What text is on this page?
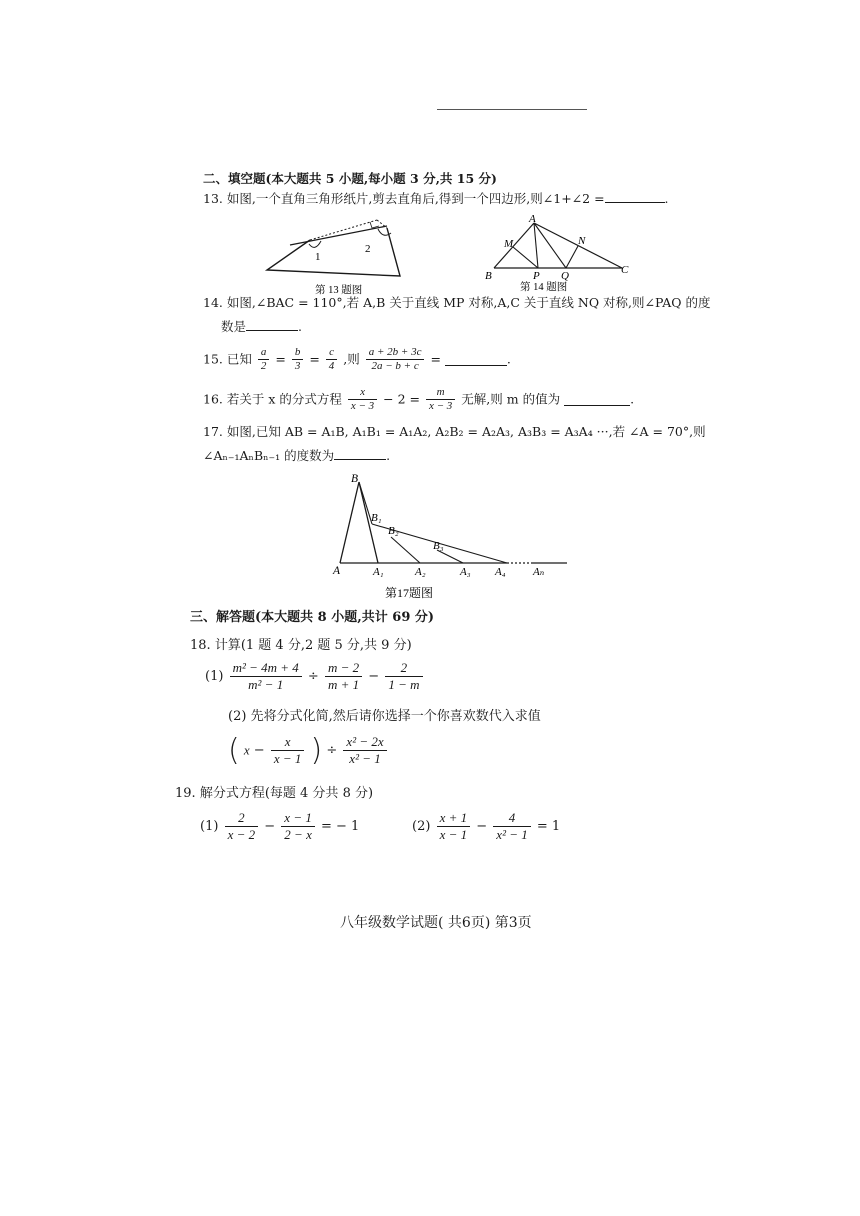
二、填空题(本大题共 5 小题,每小题 3 分,共 15 分)
13. 如图,一个直角三角形纸片,剪去直角后,得到一个四边形,则∠1+∠2 =	.
1
2
第 13 题图
A
M	N
B	P Q	C
第 14 题图
14. 如图,∠BAC = 110°,若 A,B 关于直线 MP 对称,A,C 关于直线 NQ 对称,则∠PAQ 的度
数是	.
15. 已知 $\frac{a}{2} = \frac{b}{3} = \frac{c}{4}$ ,则 $\frac{a + 2b + 3c}{2a - b + c}$ =	.
16. 若关于 x 的分式方程 $\frac{x}{x - 3} - 2 = \frac{m}{x - 3}$ 无解,则 m 的值为	.
17. 如图,已知 AB = A₁B, A₁B₁ = A₁A₂, A₂B₂ = A₂A₃, A₃B₃ = A₃A₄ ···,若 ∠A = 70°,则
∠Aₙ₋₁AₙBₙ₋₁ 的度数为	.
B
B₁
B₂
B₃
A	A₁	A₂	A₃ A₄ Aₙ
第17题图
三、解答题(本大题共 8 小题,共计 69 分)
18. 计算(1 题 4 分,2 题 5 分,共 9 分)
$(1) \frac{\text{m² − 4m + 4}}{\text{m² − 1}} \div \frac{m - 2}{m + 1} - \frac{2}{1 - m}$
(2) 先将分式化简,然后请你选择一个你喜欢数代入求值
( $x - \frac{x}{x - 1}$ ) ÷ $\frac{\text{x² − 2x}}{\text{x² − 1}}$
19. 解分式方程(每题 4 分共 8 分)
$(1) \frac{2}{x - 2} - \frac{x - 1}{2 - x}$ = − 1	$(2) \frac{x + 1}{x - 1} - \frac{4}{\text{x² − 1}} = 1$
八年级数学试题( 共6页) 第3页
